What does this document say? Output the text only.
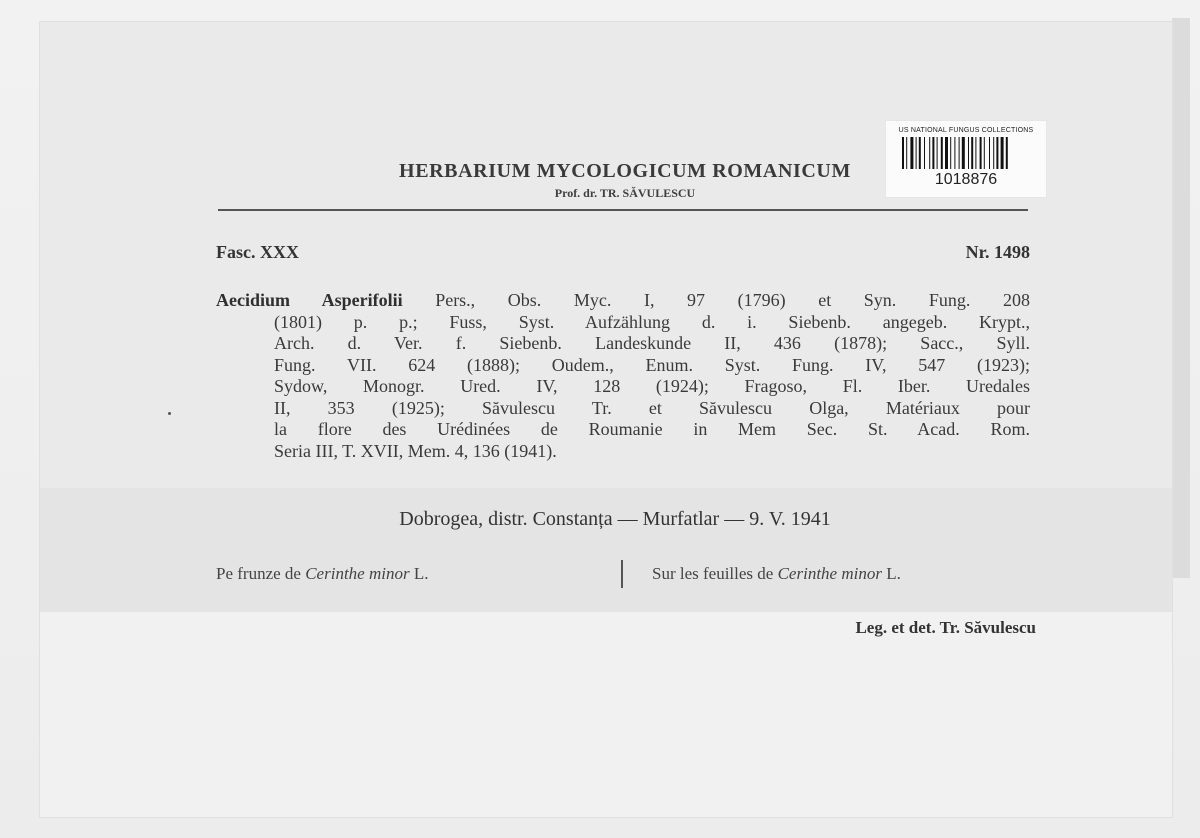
US NATIONAL FUNGUS COLLECTIONS
1018876
HERBARIUM MYCOLOGICUM ROMANICUM
Prof. dr. TR. SĂVULESCU
Fasc. XXX	Nr. 1498
Aecidium Asperifolii Pers., Obs. Myc. I, 97 (1796) et Syn. Fung. 208
(1801) p. p.; Fuss, Syst. Aufzählung d. i. Siebenb. angegeb. Krypt.,
Arch. d. Ver. f. Siebenb. Landeskunde II, 436 (1878); Sacc., Syll.
Fung. VII. 624 (1888); Oudem., Enum. Syst. Fung. IV, 547 (1923);
Sydow, Monogr. Ured. IV, 128 (1924); Fragoso, Fl. Iber. Uredales
II, 353 (1925); Săvulescu Tr. et Săvulescu Olga, Matériaux pour
la flore des Urédinées de Roumanie in Mem Sec. St. Acad. Rom.
Seria III, T. XVII, Mem. 4, 136 (1941).
Dobrogea, distr. Constanța — Murfatlar — 9. V. 1941
Pe frunze de Cerinthe minor L.	Sur les feuilles de Cerinthe minor L.
Leg. et det. Tr. Săvulescu
